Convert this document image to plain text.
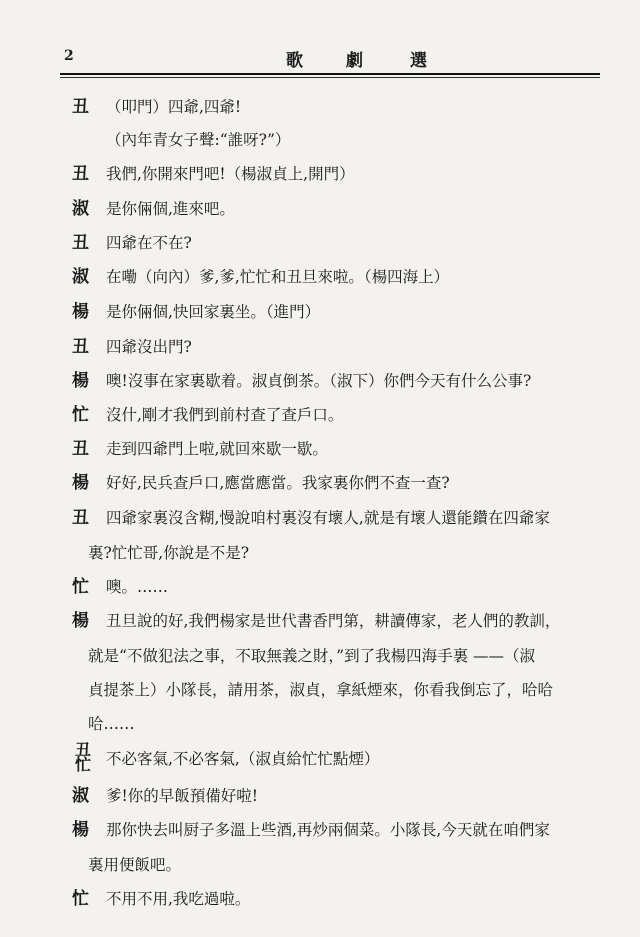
2	歌	劇	選
丑 （叩門）四爺,四爺!
（內年青女子聲:“誰呀?”）
丑 我們,你開來門吧!（楊淑貞上,開門）
淑 是你倆個,進來吧。
丑 四爺在不在?
淑 在嘞（向內）爹,爹,忙忙和丑旦來啦。（楊四海上）
楊 是你倆個,快回家裏坐。（進門）
丑 四爺沒出門?
楊 噢!沒事在家裏歇着。淑貞倒茶。（淑下）你們今天有什么公事?
忙 沒什,剛才我們到前村查了查戶口。
丑 走到四爺門上啦,就回來歇一歇。
楊 好好,民兵查戶口,應當應當。我家裏你們不查一查?
丑 四爺家裏沒含糊,慢說咱村裏沒有壞人,就是有壞人還能鑽在四爺家
裏?忙忙哥,你說是不是?
忙 噢。……
楊 丑旦說的好,我們楊家是世代書香門第，耕讀傳家，老人們的教訓，
就是“不做犯法之事，不取無義之財，”到了我楊四海手裏 ——（淑
貞提茶上）小隊長，請用茶，淑貞，拿紙煙來，你看我倒忘了，哈哈
哈……
丑
忙 不必客氣,不必客氣,（淑貞給忙忙點煙）
淑 爹!你的早飯預備好啦!
楊 那你快去叫厨子多溫上些酒,再炒兩個菜。小隊長,今天就在咱們家
裏用便飯吧。
忙 不用不用,我吃過啦。
